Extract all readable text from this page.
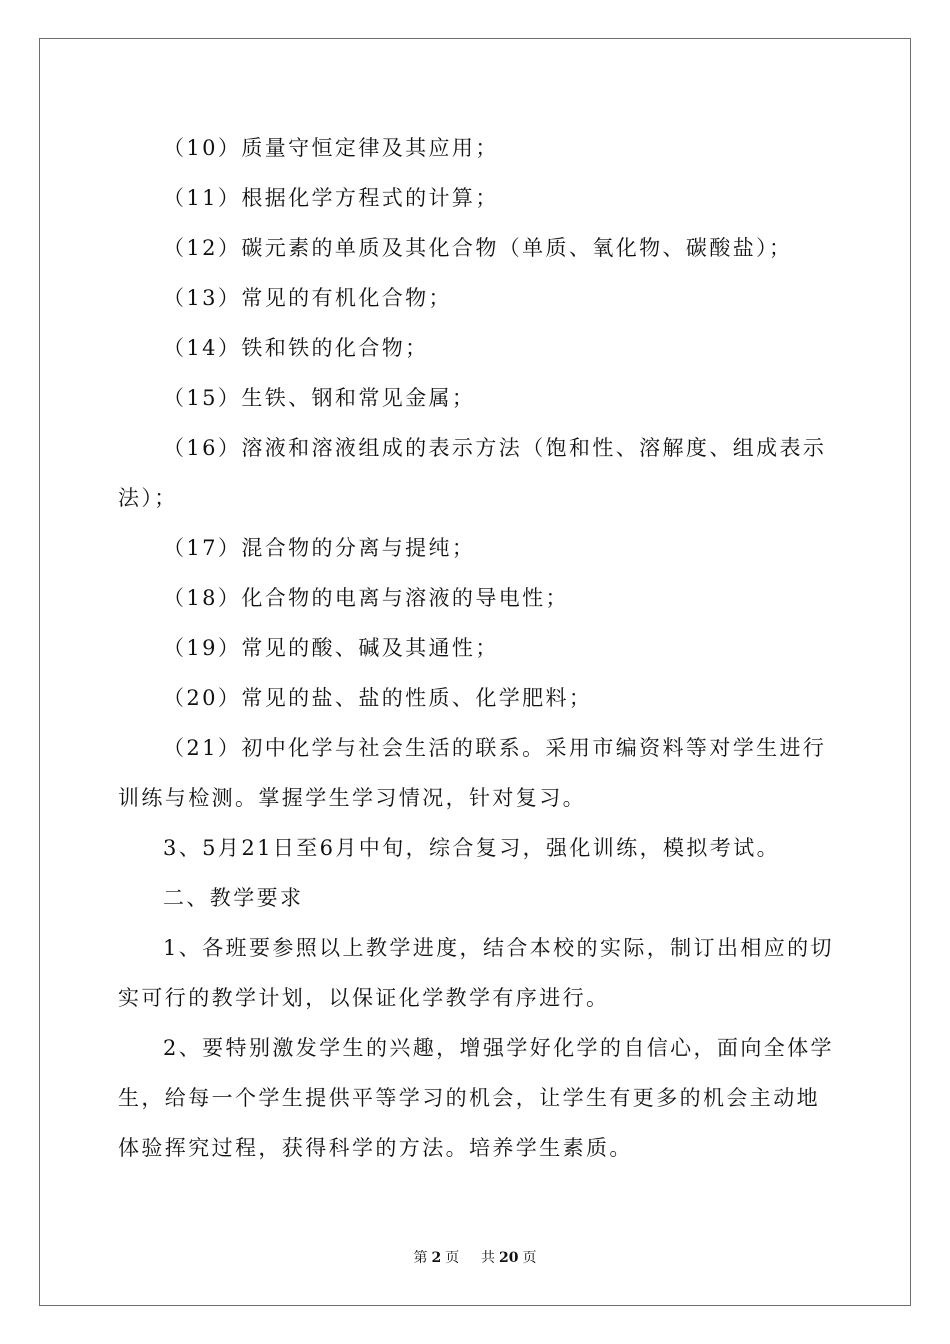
（10）质量守恒定律及其应用；

（11）根据化学方程式的计算；

（12）碳元素的单质及其化合物（单质、氧化物、碳酸盐）；

（13）常见的有机化合物；

（14）铁和铁的化合物；

（15）生铁、钢和常见金属；

（16）溶液和溶液组成的表示方法（饱和性、溶解度、组成表示法）；

（17）混合物的分离与提纯；

（18）化合物的电离与溶液的导电性；

（19）常见的酸、碱及其通性；

（20）常见的盐、盐的性质、化学肥料；

（21）初中化学与社会生活的联系。采用市编资料等对学生进行训练与检测。掌握学生学习情况，针对复习。

3、5月21日至6月中旬，综合复习，强化训练，模拟考试。

二、教学要求

1、各班要参照以上教学进度，结合本校的实际，制订出相应的切实可行的教学计划，以保证化学教学有序进行。

2、要特别激发学生的兴趣，增强学好化学的自信心，面向全体学生，给每一个学生提供平等学习的机会，让学生有更多的机会主动地体验挥究过程，获得科学的方法。培养学生素质。

第 2 页 共 20 页
